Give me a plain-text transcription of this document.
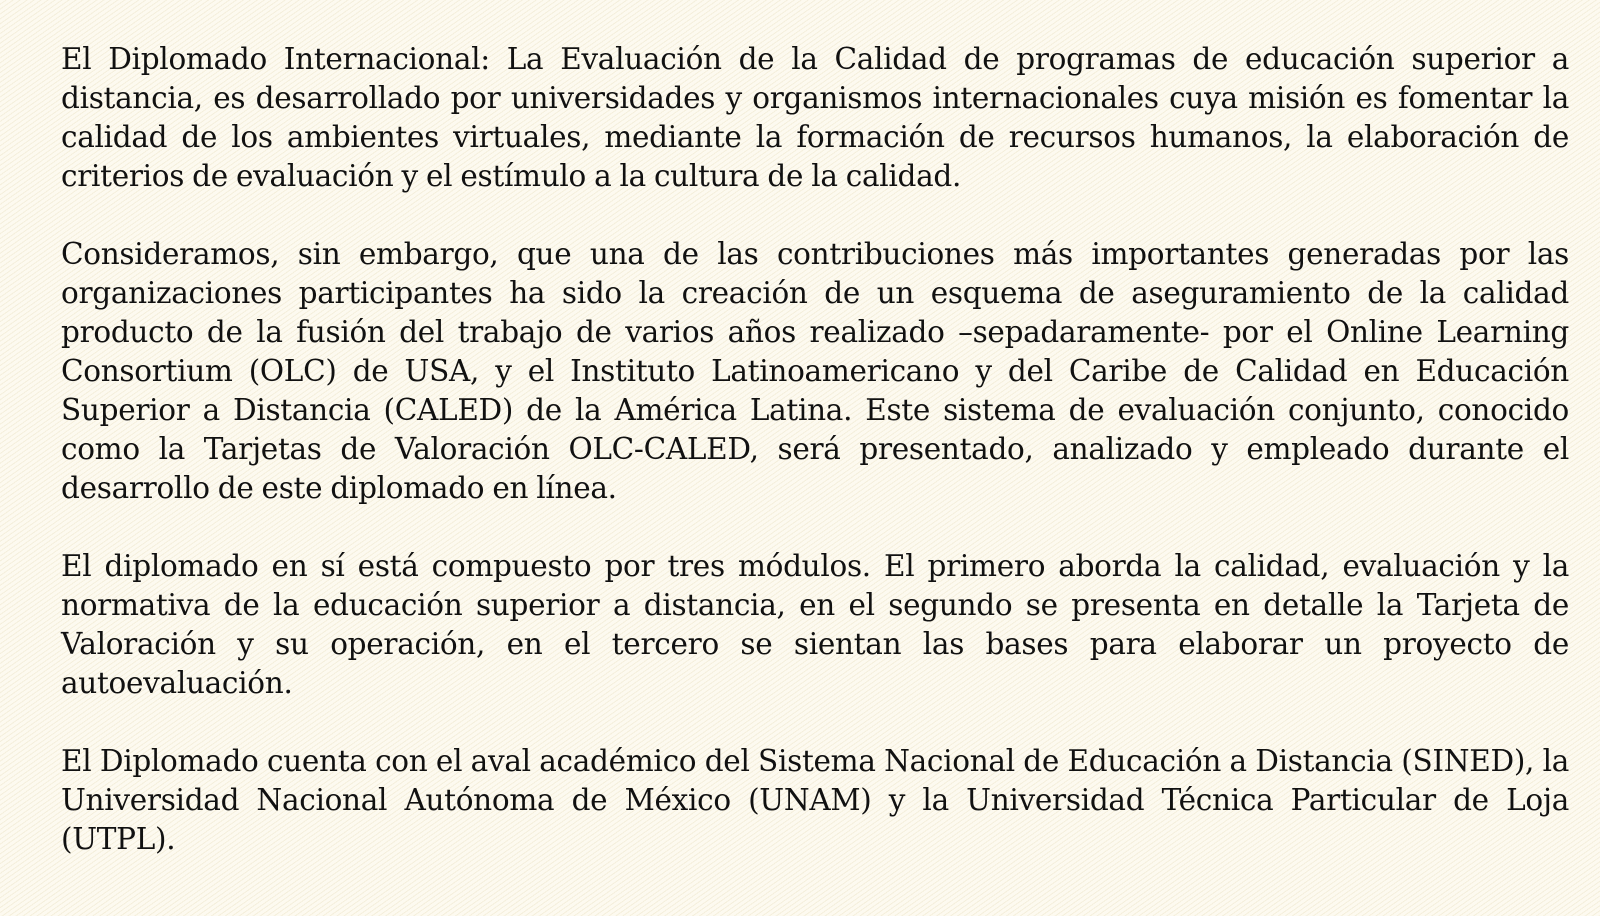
El Diplomado Internacional: La Evaluación de la Calidad de programas de educación superior a distancia, es desarrollado por universidades y organismos internacionales cuya misión es fomentar la calidad de los ambientes virtuales, mediante la formación de recursos humanos, la elaboración de criterios de evaluación y el estímulo a la cultura de la calidad.

Consideramos, sin embargo, que una de las contribuciones más importantes generadas por las organizaciones participantes ha sido la creación de un esquema de aseguramiento de la calidad producto de la fusión del trabajo de varios años realizado –sepadaramente- por el Online Learning Consortium (OLC) de USA, y el Instituto Latinoamericano y del Caribe de Calidad en Educación Superior a Distancia (CALED) de la América Latina. Este sistema de evaluación conjunto, conocido como la Tarjetas de Valoración OLC-CALED, será presentado, analizado y empleado durante el desarrollo de este diplomado en línea.

El diplomado en sí está compuesto por tres módulos. El primero aborda la calidad, evaluación y la normativa de la educación superior a distancia, en el segundo se presenta en detalle la Tarjeta de Valoración y su operación, en el tercero se sientan las bases para elaborar un proyecto de autoevaluación.

El Diplomado cuenta con el aval académico del Sistema Nacional de Educación a Distancia (SINED), la Universidad Nacional Autónoma de México (UNAM) y la Universidad Técnica Particular de Loja (UTPL).
